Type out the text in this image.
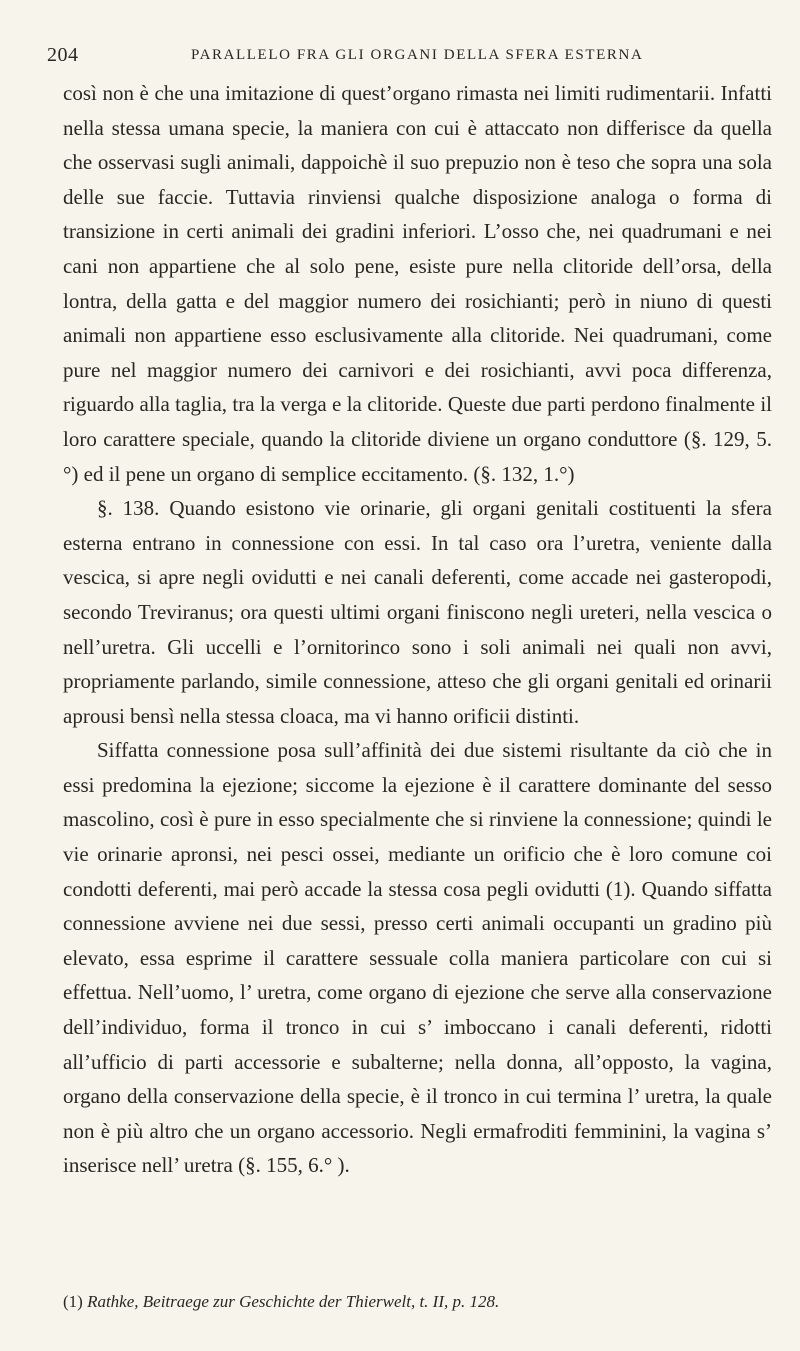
204	PARALLELO FRA GLI ORGANI DELLA SFERA ESTERNA

così non è che una imitazione di quest’organo rimasta nei limiti rudimentarii. Infatti nella stessa umana specie, la maniera con cui è attaccato non differisce da quella che osservasi sugli animali, dappoichè il suo prepuzio non è teso che sopra una sola delle sue faccie. Tuttavia rinviensi qualche disposizione analoga o forma di transizione in certi animali dei gradini inferiori. L’osso che, nei quadrumani e nei cani non appartiene che al solo pene, esiste pure nella clitoride dell’orsa, della lontra, della gatta e del maggior numero dei rosichianti; però in niuno di questi animali non appartiene esso esclusivamente alla clitoride. Nei quadrumani, come pure nel maggior numero dei carnivori e dei rosichianti, avvi poca differenza, riguardo alla taglia, tra la verga e la clitoride. Queste due parti perdono finalmente il loro carattere speciale, quando la clitoride diviene un organo conduttore (§. 129, 5.°) ed il pene un organo di semplice eccitamento. (§. 132, 1.°)

§. 138. Quando esistono vie orinarie, gli organi genitali costituenti la sfera esterna entrano in connessione con essi. In tal caso ora l’uretra, veniente dalla vescica, si apre negli ovidutti e nei canali deferenti, come accade nei gasteropodi, secondo Treviranus; ora questi ultimi organi finiscono negli ureteri, nella vescica o nell’uretra. Gli uccelli e l’ornitorinco sono i soli animali nei quali non avvi, propriamente parlando, simile connessione, atteso che gli organi genitali ed orinarii aprousi bensì nella stessa cloaca, ma vi hanno orificii distinti.

Siffatta connessione posa sull’affinità dei due sistemi risultante da ciò che in essi predomina la ejezione; siccome la ejezione è il carattere dominante del sesso mascolino, così è pure in esso specialmente che si rinviene la connessione; quindi le vie orinarie apronsi, nei pesci ossei, mediante un orificio che è loro comune coi condotti deferenti, mai però accade la stessa cosa pegli ovidutti (1). Quando siffatta connessione avviene nei due sessi, presso certi animali occupanti un gradino più elevato, essa esprime il carattere sessuale colla maniera particolare con cui si effettua. Nell’uomo, l’ uretra, come organo di ejezione che serve alla conservazione dell’individuo, forma il tronco in cui s’ imboccano i canali deferenti, ridotti all’ufficio di parti accessorie e subalterne; nella donna, all’opposto, la vagina, organo della conservazione della specie, è il tronco in cui termina l’ uretra, la quale non è più altro che un organo accessorio. Negli ermafroditi femminini, la vagina s’ inserisce nell’ uretra (§. 155, 6.° ).

(1) Rathke, Beitraege zur Geschichte der Thierwelt, t. II, p. 128.
